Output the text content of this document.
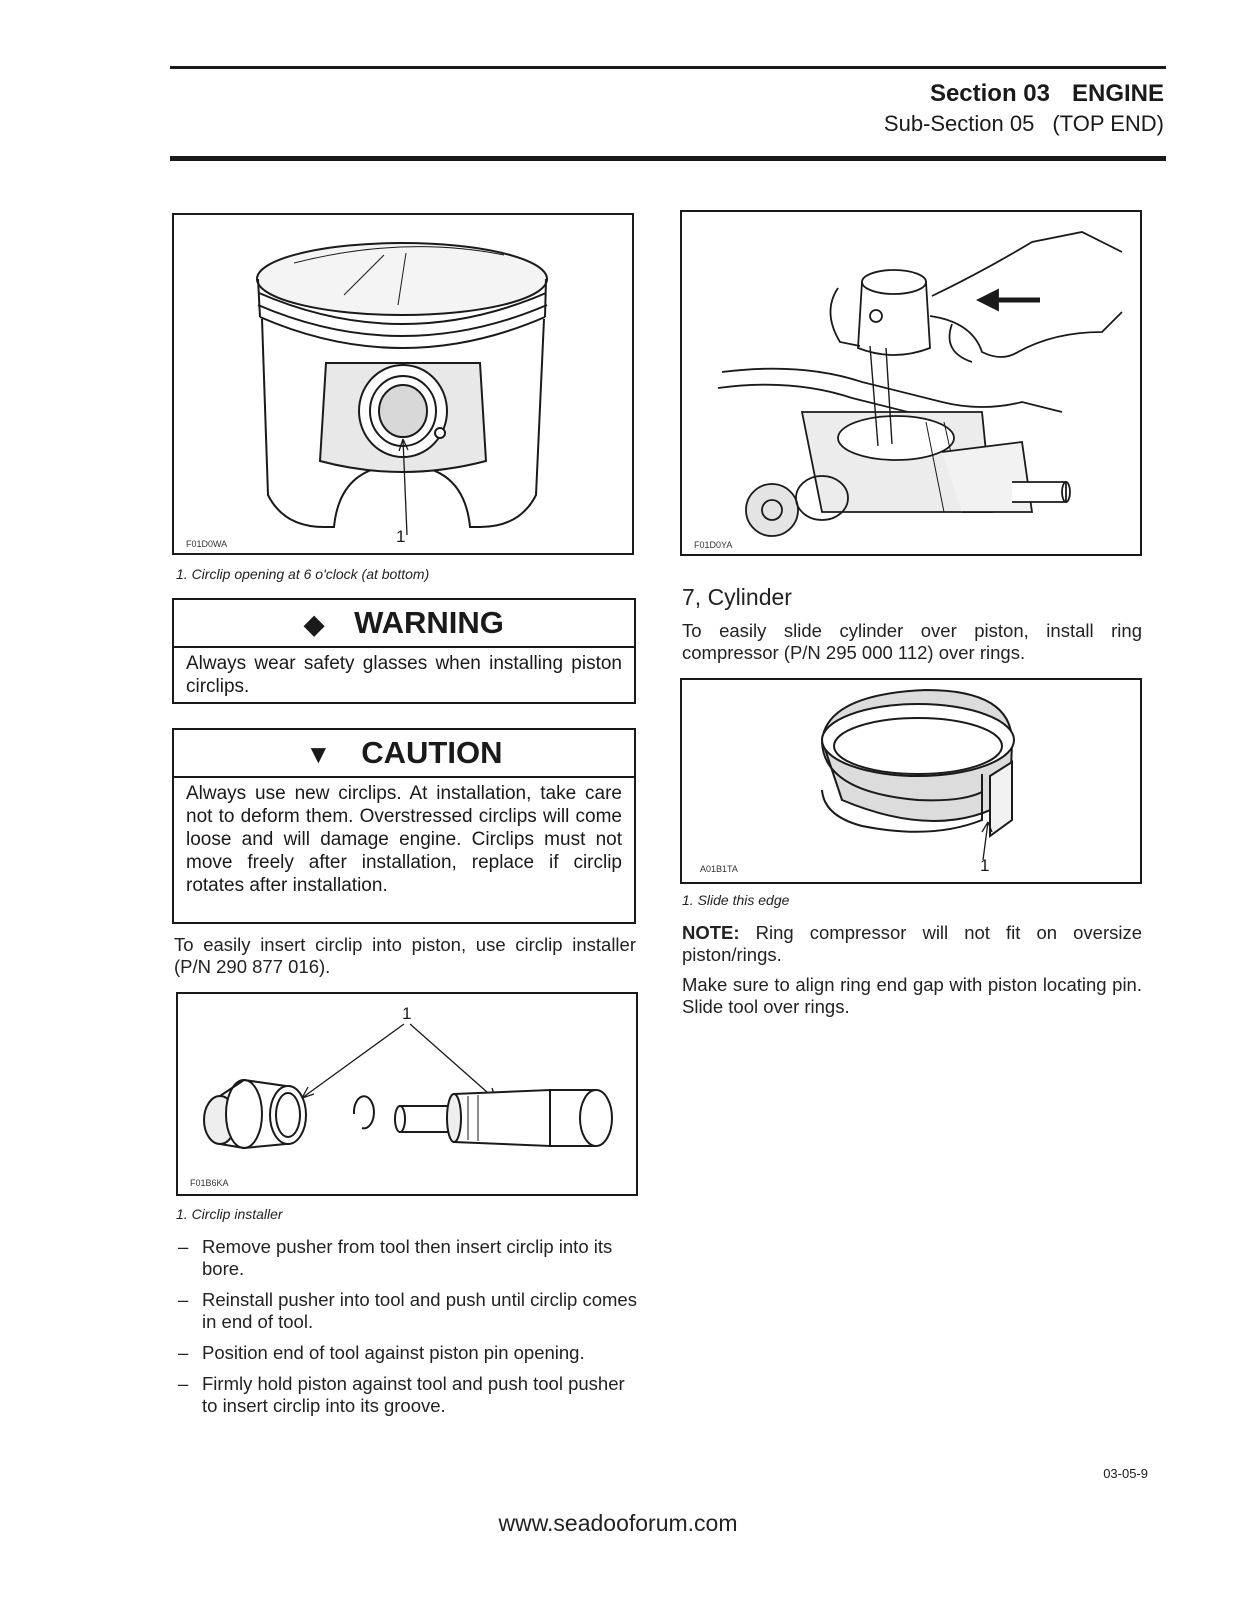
Section 03 ENGINE
Sub-Section 05 (TOP END)
1
F01D0WA
1. Circlip opening at 6 o'clock (at bottom)
◆ WARNING
Always wear safety glasses when installing piston circlips.
▼ CAUTION
Always use new circlips. At installation, take care not to deform them. Overstressed circlips will come loose and will damage engine. Circlips must not move freely after installation, replace if circlip rotates after installation.
To easily insert circlip into piston, use circlip installer (P/N 290 877 016).
1
F01B6KA
1. Circlip installer
– Remove pusher from tool then insert circlip into its bore.
– Reinstall pusher into tool and push until circlip comes in end of tool.
– Position end of tool against piston pin opening.
– Firmly hold piston against tool and push tool pusher to insert circlip into its groove.
F01D0YA
7, Cylinder
To easily slide cylinder over piston, install ring compressor (P/N 295 000 112) over rings.
1
A01B1TA
1. Slide this edge
NOTE: Ring compressor will not fit on oversize piston/rings.
Make sure to align ring end gap with piston locating pin. Slide tool over rings.
03-05-9
www.seadooforum.com
